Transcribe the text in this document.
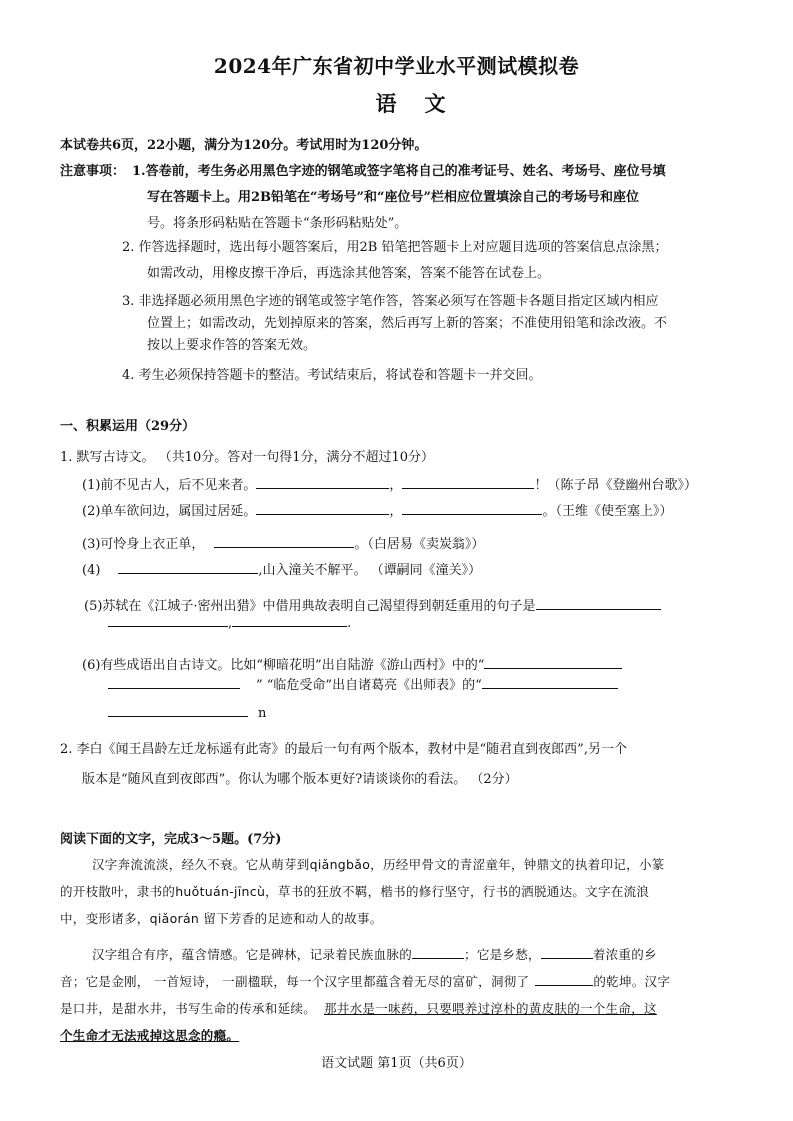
2024年广东省初中学业水平测试模拟卷
语文
本试卷共6页，22小题，满分为120分。考试用时为120分钟。
注意事项： 1.答卷前，考生务必用黑色字迹的钢笔或签字笔将自己的准考证号、姓名、考场号、座位号填
写在答题卡上。用2B铅笔在“考场号”和“座位号”栏相应位置填涂自己的考场号和座位
号。将条形码粘贴在答题卡“条形码粘贴处”。
2. 作答选择题时，选出每小题答案后，用2B 铅笔把答题卡上对应题目选项的答案信息点涂黑；
如需改动，用橡皮擦干净后，再选涂其他答案，答案不能答在试卷上。
3. 非选择题必须用黑色字迹的钢笔或签字笔作答，答案必须写在答题卡各题目指定区域内相应
位置上；如需改动，先划掉原来的答案，然后再写上新的答案；不准使用铅笔和涂改液。不
按以上要求作答的答案无效。
4. 考生必须保持答题卡的整洁。考试结束后，将试卷和答题卡一并交回。
一、积累运用（29分）
1. 默写古诗文。 （共10分。答对一句得1分，满分不超过10分）
(1)前不见古人，后不见来者。	，	！（陈子昂《登幽州台歌》）
(2)单车欲问边，属国过居延。	，	。（王维《使至塞上》）
(3)可怜身上衣正单，	。（白居易《卖炭翁》）
(4)	,山入潼关不解平。 （谭嗣同《潼关》）
(5)苏轼在《江城子·密州出猎》中借用典故表明自己渴望得到朝廷重用的句子是
,	.
(6)有些成语出自古诗文。比如“柳暗花明”出自陆游《游山西村》中的“
” “临危受命”出自诸葛亮《出师表》的“
n
2. 李白《闻王昌龄左迁龙标遥有此寄》的最后一句有两个版本，教材中是“随君直到夜郎西”,另一个
版本是“随风直到夜郎西”。你认为哪个版本更好?请谈谈你的看法。 （2分）
阅读下面的文字，完成3～5题。(7分)
汉字奔流流淡，经久不衰。它从萌芽到qiǎngbǎo，历经甲骨文的青涩童年，钟鼎文的执着印记，小篆
的开枝散叶，隶书的huǒtuán-jīncù，草书的狂放不羁，楷书的修行坚守，行书的洒脱通达。文字在流浪
中，变形诸多，qiǎorán 留下芳香的足迹和动人的故事。
汉字组合有序，蕴含情感。它是碑林，记录着民族血脉的	；它是乡愁，	着浓重的乡
音；它是金刚， 一首短诗， 一副楹联，每一个汉字里都蕴含着无尽的富矿，洞彻了	的乾坤。汉字
是口井，是甜水井，书写生命的传承和延续。 那井水是一味药，只要喂养过淳朴的黄皮肤的一个生命，这
个生命才无法戒掉这思念的瘾。
语文试题 第1页（共6页）
